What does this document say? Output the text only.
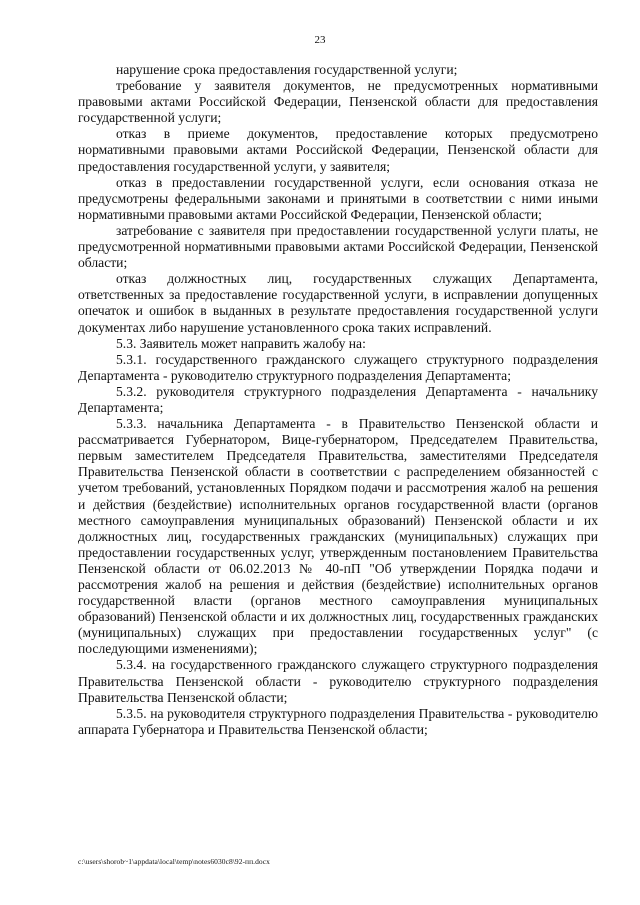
23

нарушение срока предоставления государственной услуги;

требование у заявителя документов, не предусмотренных нормативными правовыми актами Российской Федерации, Пензенской области для предоставления государственной услуги;

отказ в приеме документов, предоставление которых предусмотрено нормативными правовыми актами Российской Федерации, Пензенской области для предоставления государственной услуги, у заявителя;

отказ в предоставлении государственной услуги, если основания отказа не предусмотрены федеральными законами и принятыми в соответствии с ними иными нормативными правовыми актами Российской Федерации, Пензенской области;

затребование с заявителя при предоставлении государственной услуги платы, не предусмотренной нормативными правовыми актами Российской Федерации, Пензенской области;

отказ должностных лиц, государственных служащих Департамента, ответственных за предоставление государственной услуги, в исправлении допущенных опечаток и ошибок в выданных в результате предоставления государственной услуги документах либо нарушение установленного срока таких исправлений.

5.3. Заявитель может направить жалобу на:

5.3.1. государственного гражданского служащего структурного подразделения Департамента - руководителю структурного подразделения Департамента;

5.3.2. руководителя структурного подразделения Департамента - начальнику Департамента;

5.3.3. начальника Департамента - в Правительство Пензенской области и рассматривается Губернатором, Вице-губернатором, Председателем Правительства, первым заместителем Председателя Правительства, заместителями Председателя Правительства Пензенской области в соответствии с распределением обязанностей с учетом требований, установленных Порядком подачи и рассмотрения жалоб на решения и действия (бездействие) исполнительных органов государственной власти (органов местного самоуправления муниципальных образований) Пензенской области и их должностных лиц, государственных гражданских (муниципальных) служащих при предоставлении государственных услуг, утвержденным постановлением Правительства Пензенской области от 06.02.2013 № 40-пП "Об утверждении Порядка подачи и рассмотрения жалоб на решения и действия (бездействие) исполнительных органов государственной власти (органов местного самоуправления муниципальных образований) Пензенской области и их должностных лиц, государственных гражданских (муниципальных) служащих при предоставлении государственных услуг" (с последующими изменениями);

5.3.4. на государственного гражданского служащего структурного подразделения Правительства Пензенской области - руководителю структурного подразделения Правительства Пензенской области;

5.3.5. на руководителя структурного подразделения Правительства - руководителю аппарата Губернатора и Правительства Пензенской области;

c:\users\shorob~1\appdata\local\temp\notes6030c8\92-пп.docx
